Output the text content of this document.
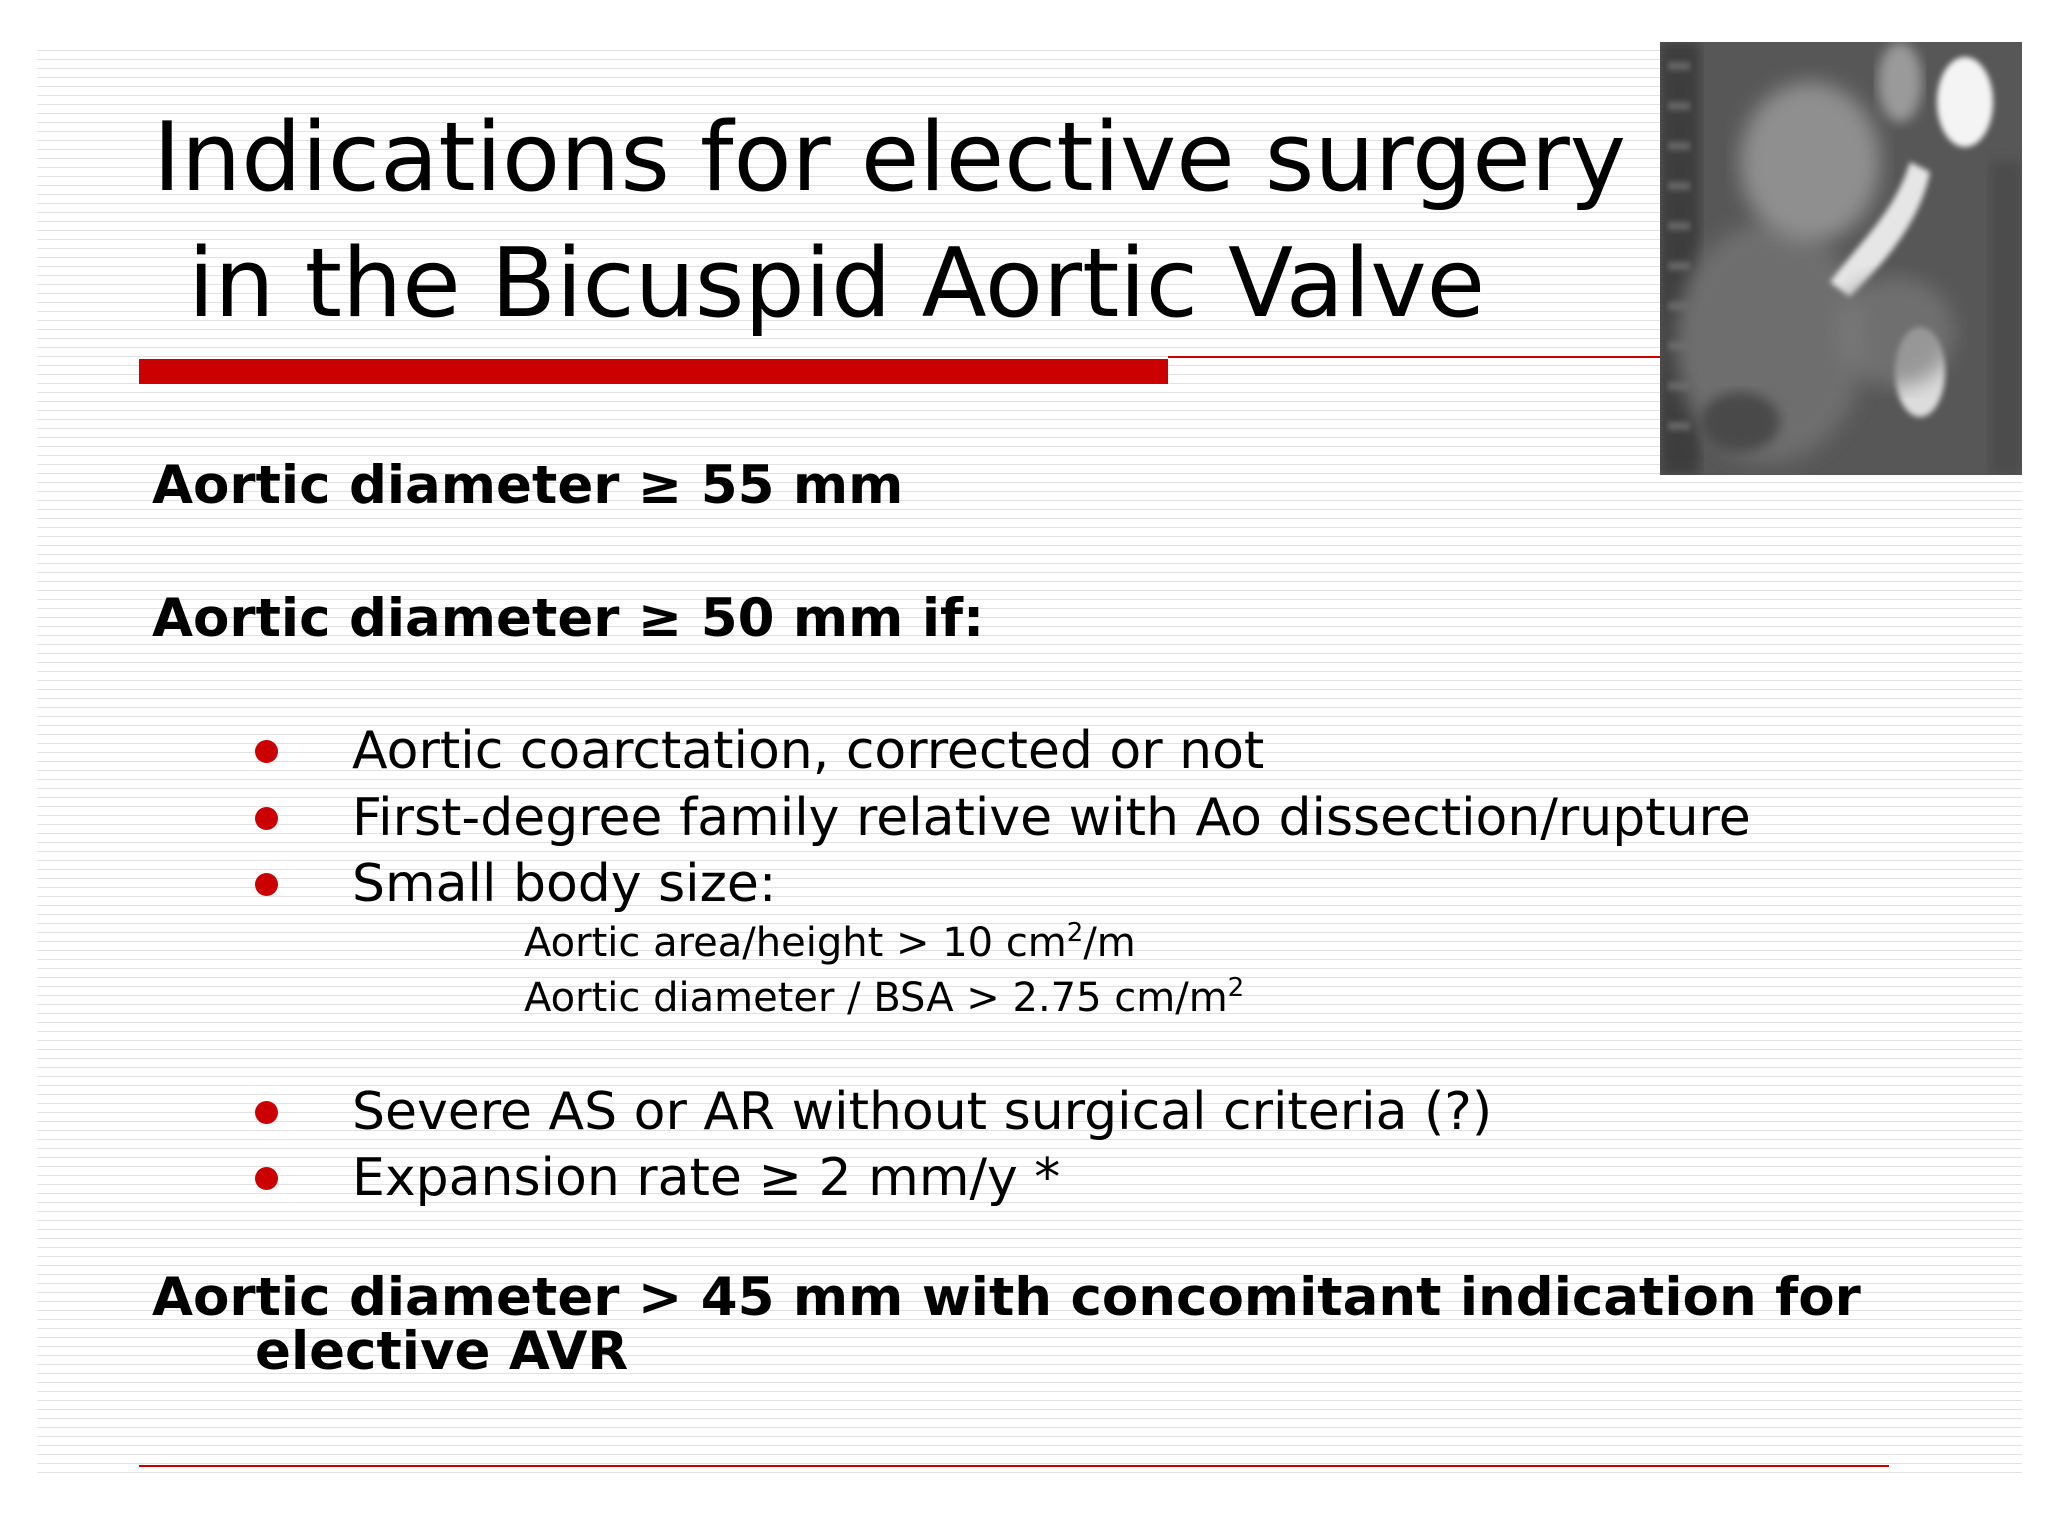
Indications for elective surgery
in the Bicuspid Aortic Valve

Aortic diameter ≥ 55 mm

Aortic diameter ≥ 50 mm if:

Aortic coarctation, corrected or not
First-degree family relative with Ao dissection/rupture
Small body size:
Aortic area/height > 10 $cm^2/m$
Aortic diameter / BSA > 2.75 $cm/m^2$
Severe AS or AR without surgical criteria (?)
Expansion rate ≥ 2 mm/y *

Aortic diameter > 45 mm with concomitant indication for
elective AVR
